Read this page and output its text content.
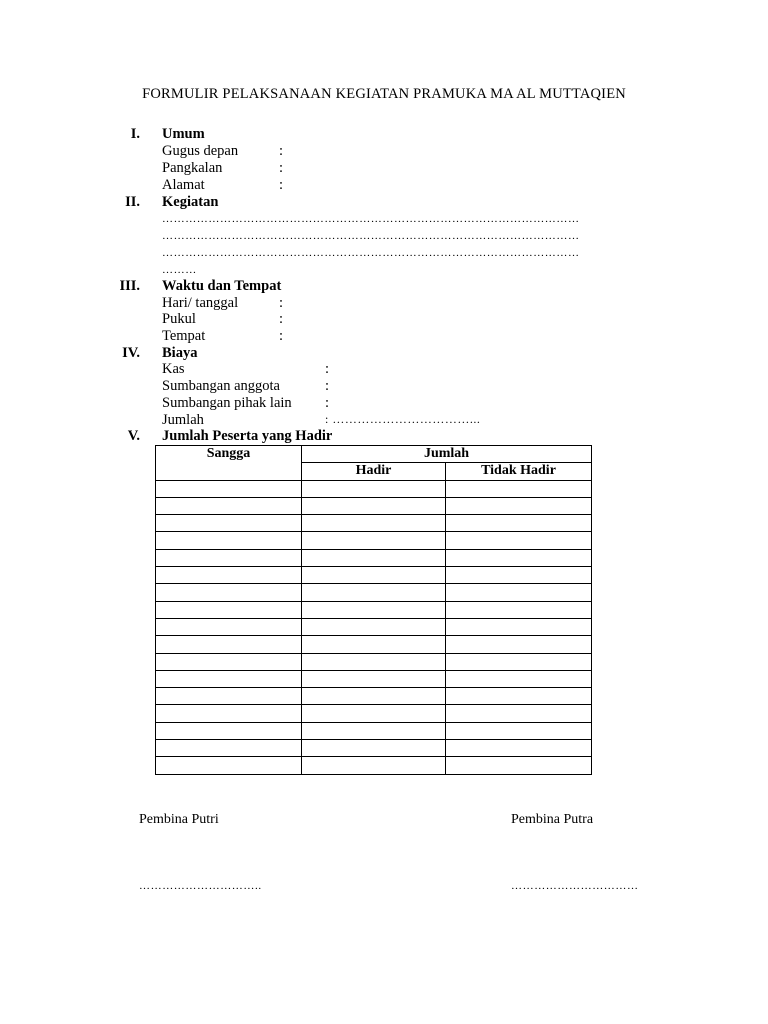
FORMULIR PELAKSANAAN KEGIATAN PRAMUKA MA AL MUTTAQIEN
I. Umum
Gugus depan	:
Pangkalan	:
Alamat	:
II. Kegiatan
………………………………………………………………………………………………
………………………………………………………………………………………………
………………………………………………………………………………………………
………
III. Waktu dan Tempat
Hari/ tanggal	:
Pukul	:
Tempat	:
IV. Biaya
Kas	:
Sumbangan anggota	:
Sumbangan pihak lain :
Jumlah	: ……………………………...
V. Jumlah Peserta yang Hadir
Sangga	Jumlah	
	Hadir	Tidak Hadir

Pembina Putri	Pembina Putra
…………………………..	……………………………
